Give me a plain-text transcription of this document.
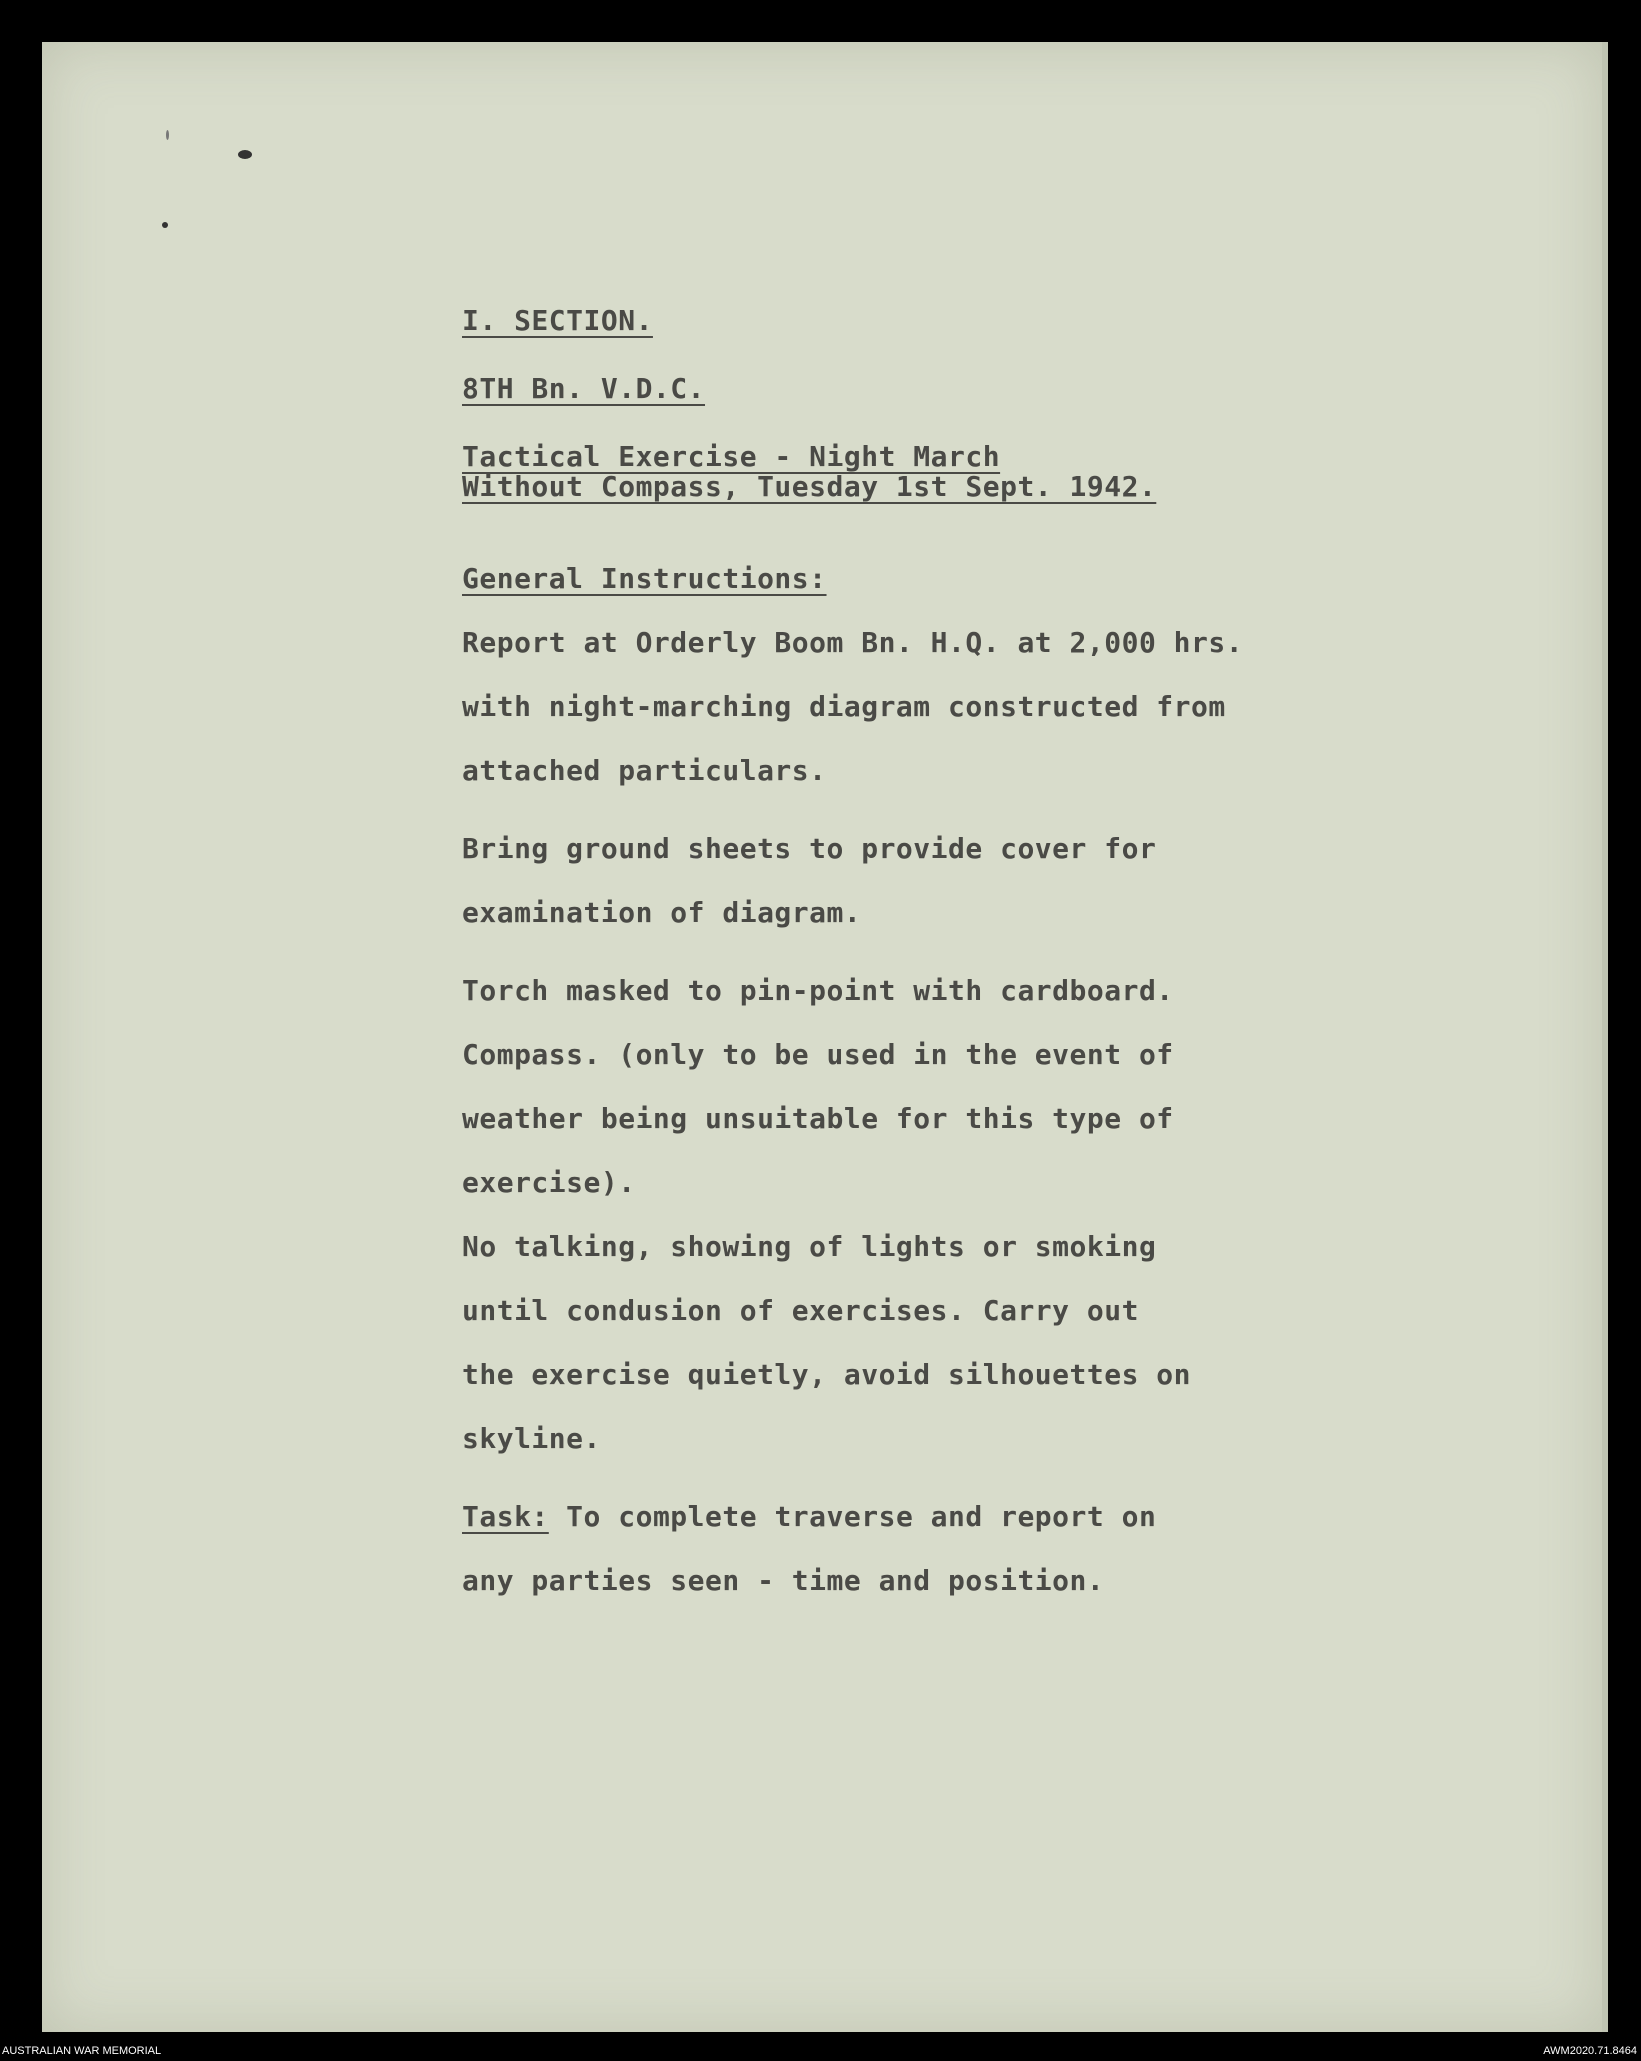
I. SECTION.

8TH Bn. V.D.C.

Tactical Exercise - Night March

Without Compass, Tuesday 1st Sept. 1942.

General Instructions:

Report at Orderly Boom Bn. H.Q. at 2,000 hrs.

with night-marching diagram constructed from

attached particulars.

Bring ground sheets to provide cover for

examination of diagram.

Torch masked to pin-point with cardboard.

Compass. (only to be used in the event of

weather being unsuitable for this type of

exercise).

No talking, showing of lights or smoking

until condusion of exercises. Carry out

the exercise quietly, avoid silhouettes on

skyline.

Task: To complete traverse and report on

any parties seen - time and position.

AUSTRALIAN WAR MEMORIAL	AWM2020.71.8464
